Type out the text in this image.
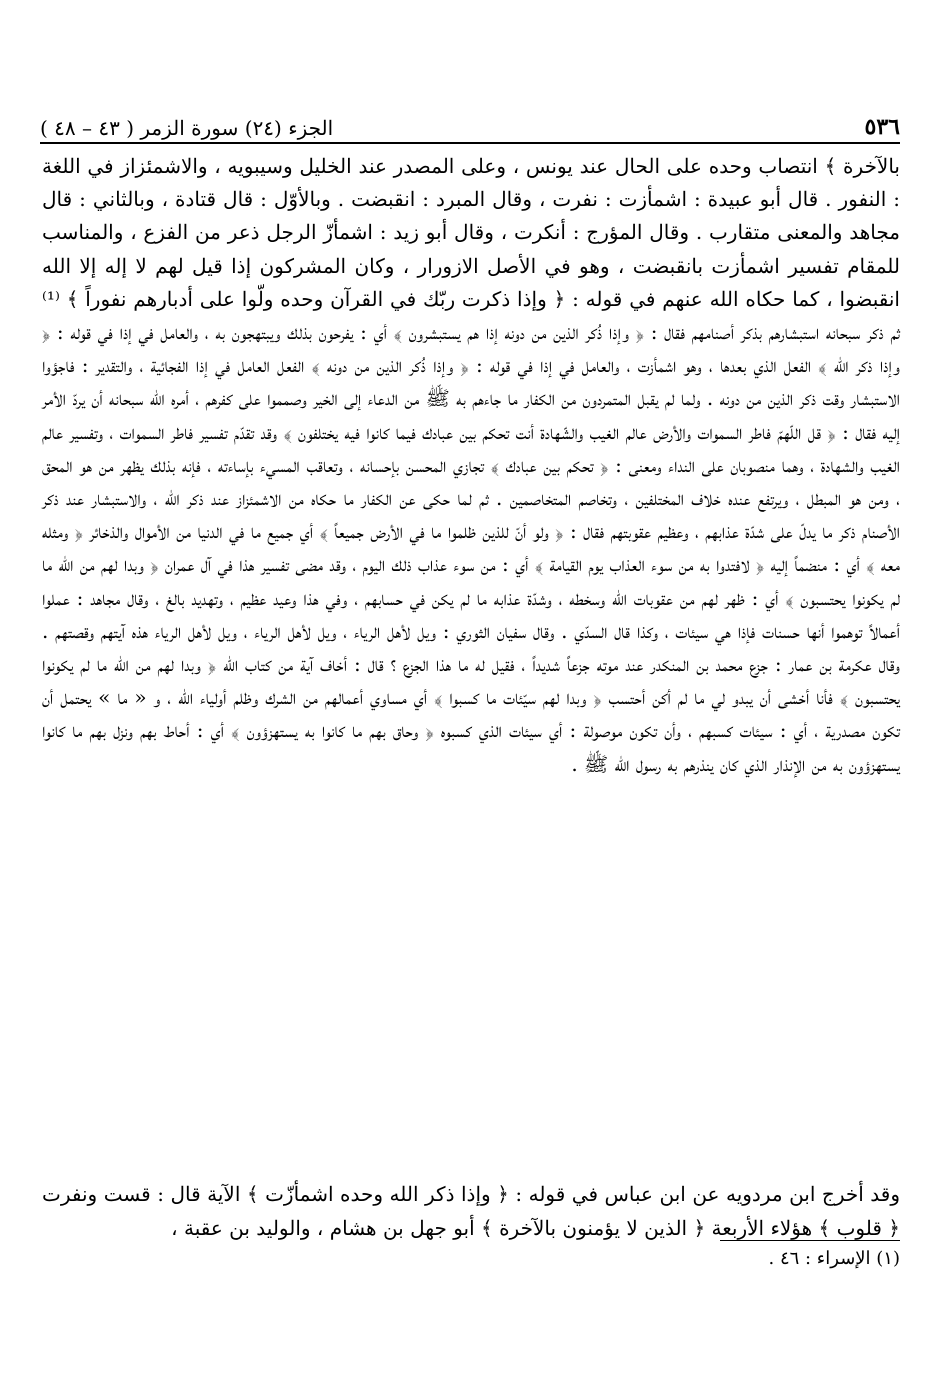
٥٣٦
الجزء (٢٤) سورة الزمر ( ٤٣ – ٤٨ )

بالآخرة ﴾ انتصاب وحده على الحال عند يونس ، وعلى المصدر عند الخليل وسيبويه ، والاشمئزاز في اللغة : النفور . قال أبو عبيدة : اشمأزت : نفرت ، وقال المبرد : انقبضت . وبالأوّل : قال قتادة ، وبالثاني : قال مجاهد والمعنى متقارب . وقال المؤرج : أنكرت ، وقال أبو زيد : اشمأزّ الرجل ذعر من الفزع ، والمناسب للمقام تفسير اشمأزت بانقبضت ، وهو في الأصل الازورار ، وكان المشركون إذا قيل لهم لا إله إلا الله انقبضوا ، كما حكاه الله عنهم في قوله : ﴿ وإذا ذكرت ربّك في القرآن وحده ولّوا على أدبارهم نفوراً ﴾ ⁽¹⁾ ثم ذكر سبحانه استبشارهم بذكر أصنامهم فقال : ﴿ وإذا ذُكر الذين من دونه إذا هم يستبشرون ﴾ أي : يفرحون بذلك ويبتهجون به ، والعامل في إذا في قوله : ﴿ وإذا ذكر الله ﴾ الفعل الذي بعدها ، وهو اشمأزت ، والعامل في إذا في قوله : ﴿ وإذا ذُكر الذين من دونه ﴾ الفعل العامل في إذا الفجائية ، والتقدير : فاجؤوا الاستبشار وقت ذكر الذين من دونه . ولما لم يقبل المتمردون من الكفار ما جاءهم به ﷺ من الدعاء إلى الخير وصمموا على كفرهم ، أمره الله سبحانه أن يردّ الأمر إليه فقال : ﴿ قل اللّهمّ فاطر السموات والأرض عالم الغيب والشّهادة أنت تحكم بين عبادك فيما كانوا فيه يختلفون ﴾ وقد تقدّم تفسير فاطر السموات ، وتفسير عالم الغيب والشهادة ، وهما منصوبان على النداء ومعنى : ﴿ تحكم بين عبادك ﴾ تجازي المحسن بإحسانه ، وتعاقب المسيء بإساءته ، فإنه بذلك يظهر من هو المحق ، ومن هو المبطل ، ويرتفع عنده خلاف المختلفين ، وتخاصم المتخاصمين . ثم لما حكى عن الكفار ما حكاه من الاشمئزاز عند ذكر الله ، والاستبشار عند ذكر الأصنام ذكر ما يدلّ على شدّة عذابهم ، وعظيم عقوبتهم فقال : ﴿ ولو أنّ للذين ظلموا ما في الأرض جميعاً ﴾ أي جميع ما في الدنيا من الأموال والذخائر ﴿ ومثله معه ﴾ أي : منضماً إليه ﴿ لافتدوا به من سوء العذاب يوم القيامة ﴾ أي : من سوء عذاب ذلك اليوم ، وقد مضى تفسير هذا في آل عمران ﴿ وبدا لهم من الله ما لم يكونوا يحتسبون ﴾ أي : ظهر لهم من عقوبات الله وسخطه ، وشدّة عذابه ما لم يكن في حسابهم ، وفي هذا وعيد عظيم ، وتهديد بالغ ، وقال مجاهد : عملوا أعمالاً توهموا أنها حسنات فإذا هي سيئات ، وكذا قال السدّي . وقال سفيان الثوري : ويل لأهل الرياء ، ويل لأهل الرياء ، ويل لأهل الرياء هذه آيتهم وقصتهم . وقال عكرمة بن عمار : جزع محمد بن المنكدر عند موته جزعاً شديداً ، فقيل له ما هذا الجزع ؟ قال : أخاف آية من كتاب الله ﴿ وبدا لهم من الله ما لم يكونوا يحتسبون ﴾ فأنا أخشى أن يبدو لي ما لم أكن أحتسب ﴿ وبدا لهم سيّئات ما كسبوا ﴾ أي مساوي أعمالهم من الشرك وظلم أولياء الله ، و « ما » يحتمل أن تكون مصدرية ، أي : سيئات كسبهم ، وأن تكون موصولة : أي سيئات الذي كسبوه ﴿ وحاق بهم ما كانوا به يستهزؤون ﴾ أي : أحاط بهم ونزل بهم ما كانوا يستهزؤون به من الإنذار الذي كان ينذرهم به رسول الله ﷺ .

وقد أخرج ابن مردويه عن ابن عباس في قوله : ﴿ وإذا ذكر الله وحده اشمأزّت ﴾ الآية قال : قست ونفرت ﴿ قلوب ﴾ هؤلاء الأربعة ﴿ الذين لا يؤمنون بالآخرة ﴾ أبو جهل بن هشام ، والوليد بن عقبة ،

(١) الإسراء : ٤٦ .
